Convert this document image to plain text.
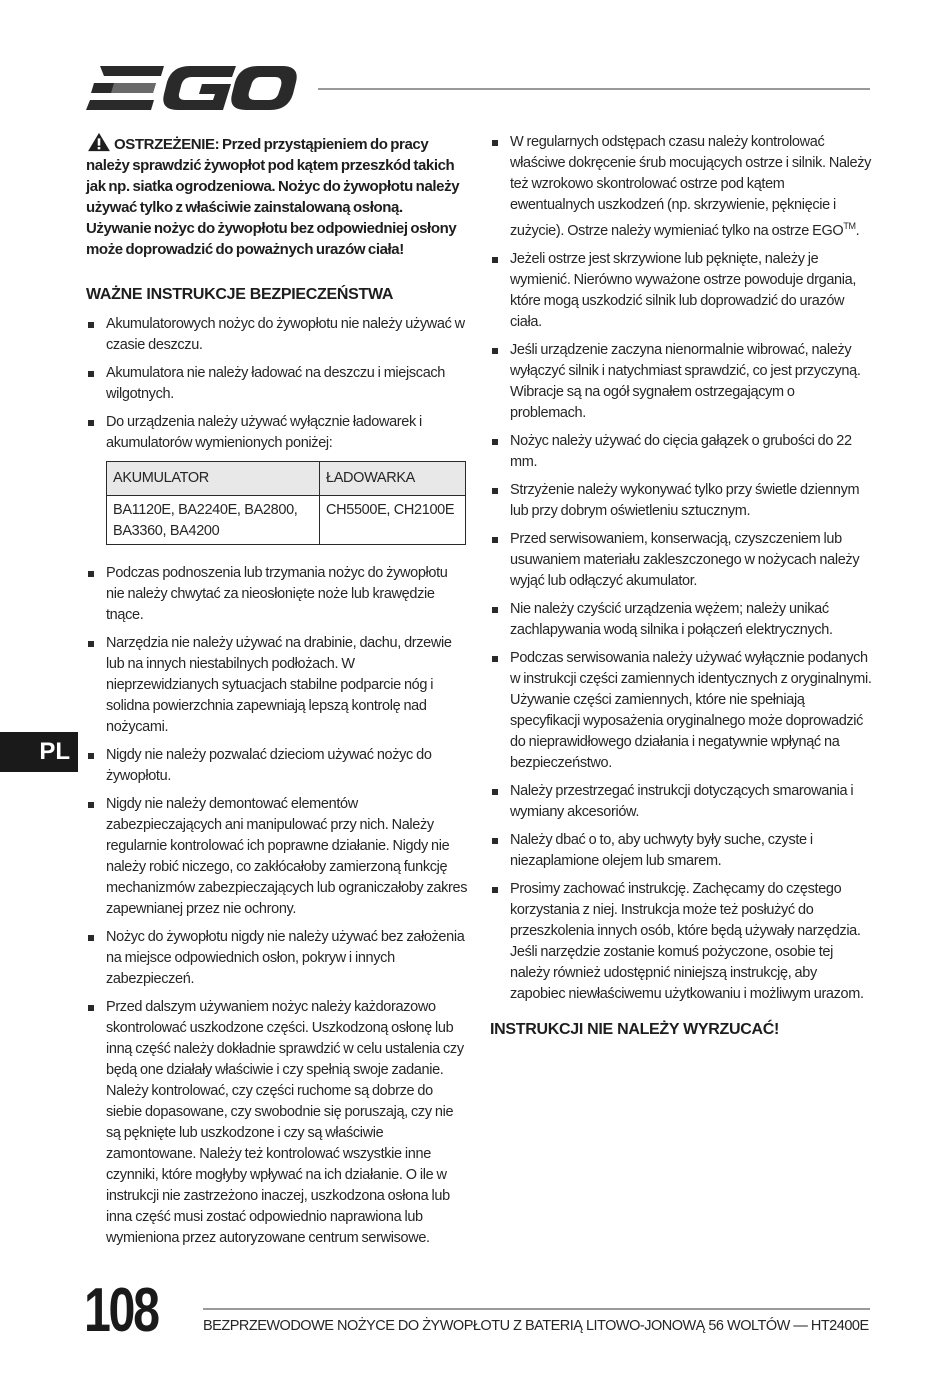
OSTRZEŻENIE: Przed przystąpieniem do pracy należy sprawdzić żywopłot pod kątem przeszkód takich jak np. siatka ogrodzeniowa. Nożyc do żywopłotu należy używać tylko z właściwie zainstalowaną osłoną. Używanie nożyc do żywopłotu bez odpowiedniej osłony może doprowadzić do poważnych urazów ciała!

WAŻNE INSTRUKCJE BEZPIECZEŃSTWA
Akumulatorowych nożyc do żywopłotu nie należy używać w czasie deszczu.
Akumulatora nie należy ładować na deszczu i miejscach wilgotnych.
Do urządzenia należy używać wyłącznie ładowarek i akumulatorów wymienionych poniżej:
AKUMULATOR	ŁADOWARKA
BA1120E, BA2240E, BA2800, BA3360, BA4200	CH5500E, CH2100E
Podczas podnoszenia lub trzymania nożyc do żywopłotu nie należy chwytać za nieosłonięte noże lub krawędzie tnące.
Narzędzia nie należy używać na drabinie, dachu, drzewie lub na innych niestabilnych podłożach. W nieprzewidzianych sytuacjach stabilne podparcie nóg i solidna powierzchnia zapewniają lepszą kontrolę nad nożycami.
Nigdy nie należy pozwalać dzieciom używać nożyc do żywopłotu.
Nigdy nie należy demontować elementów zabezpieczających ani manipulować przy nich. Należy regularnie kontrolować ich poprawne działanie. Nigdy nie należy robić niczego, co zakłócałoby zamierzoną funkcję mechanizmów zabezpieczających lub ograniczałoby zakres zapewnianej przez nie ochrony.
Nożyc do żywopłotu nigdy nie należy używać bez założenia na miejsce odpowiednich osłon, pokryw i innych zabezpieczeń.
Przed dalszym używaniem nożyc należy każdorazowo skontrolować uszkodzone części. Uszkodzoną osłonę lub inną część należy dokładnie sprawdzić w celu ustalenia czy będą one działały właściwie i czy spełnią swoje zadanie. Należy kontrolować, czy części ruchome są dobrze do siebie dopasowane, czy swobodnie się poruszają, czy nie są pęknięte lub uszkodzone i czy są właściwie zamontowane. Należy też kontrolować wszystkie inne czynniki, które mogłyby wpływać na ich działanie. O ile w instrukcji nie zastrzeżono inaczej, uszkodzona osłona lub inna część musi zostać odpowiednio naprawiona lub wymieniona przez autoryzowane centrum serwisowe.
W regularnych odstępach czasu należy kontrolować właściwe dokręcenie śrub mocujących ostrze i silnik. Należy też wzrokowo skontrolować ostrze pod kątem ewentualnych uszkodzeń (np. skrzywienie, pęknięcie i zużycie). Ostrze należy wymieniać tylko na ostrze EGO™.
Jeżeli ostrze jest skrzywione lub pęknięte, należy je wymienić. Nierówno wyważone ostrze powoduje drgania, które mogą uszkodzić silnik lub doprowadzić do urazów ciała.
Jeśli urządzenie zaczyna nienormalnie wibrować, należy wyłączyć silnik i natychmiast sprawdzić, co jest przyczyną. Wibracje są na ogół sygnałem ostrzegającym o problemach.
Nożyc należy używać do cięcia gałązek o grubości do 22 mm.
Strzyżenie należy wykonywać tylko przy świetle dziennym lub przy dobrym oświetleniu sztucznym.
Przed serwisowaniem, konserwacją, czyszczeniem lub usuwaniem materiału zakleszczonego w nożycach należy wyjąć lub odłączyć akumulator.
Nie należy czyścić urządzenia wężem; należy unikać zachlapywania wodą silnika i połączeń elektrycznych.
Podczas serwisowania należy używać wyłącznie podanych w instrukcji części zamiennych identycznych z oryginalnymi. Używanie części zamiennych, które nie spełniają specyfikacji wyposażenia oryginalnego może doprowadzić do nieprawidłowego działania i negatywnie wpłynąć na bezpieczeństwo.
Należy przestrzegać instrukcji dotyczących smarowania i wymiany akcesoriów.
Należy dbać o to, aby uchwyty były suche, czyste i niezaplamione olejem lub smarem.
Prosimy zachować instrukcję. Zachęcamy do częstego korzystania z niej. Instrukcja może też posłużyć do przeszkolenia innych osób, które będą używały narzędzia. Jeśli narzędzie zostanie komuś pożyczone, osobie tej należy również udostępnić niniejszą instrukcję, aby zapobiec niewłaściwemu użytkowaniu i możliwym urazom.
INSTRUKCJI NIE NALEŻY WYRZUCAĆ!
PL
108	BEZPRZEWODOWE NOŻYCE DO ŻYWOPŁOTU Z BATERIĄ LITOWO-JONOWĄ 56 WOLTÓW — HT2400E
